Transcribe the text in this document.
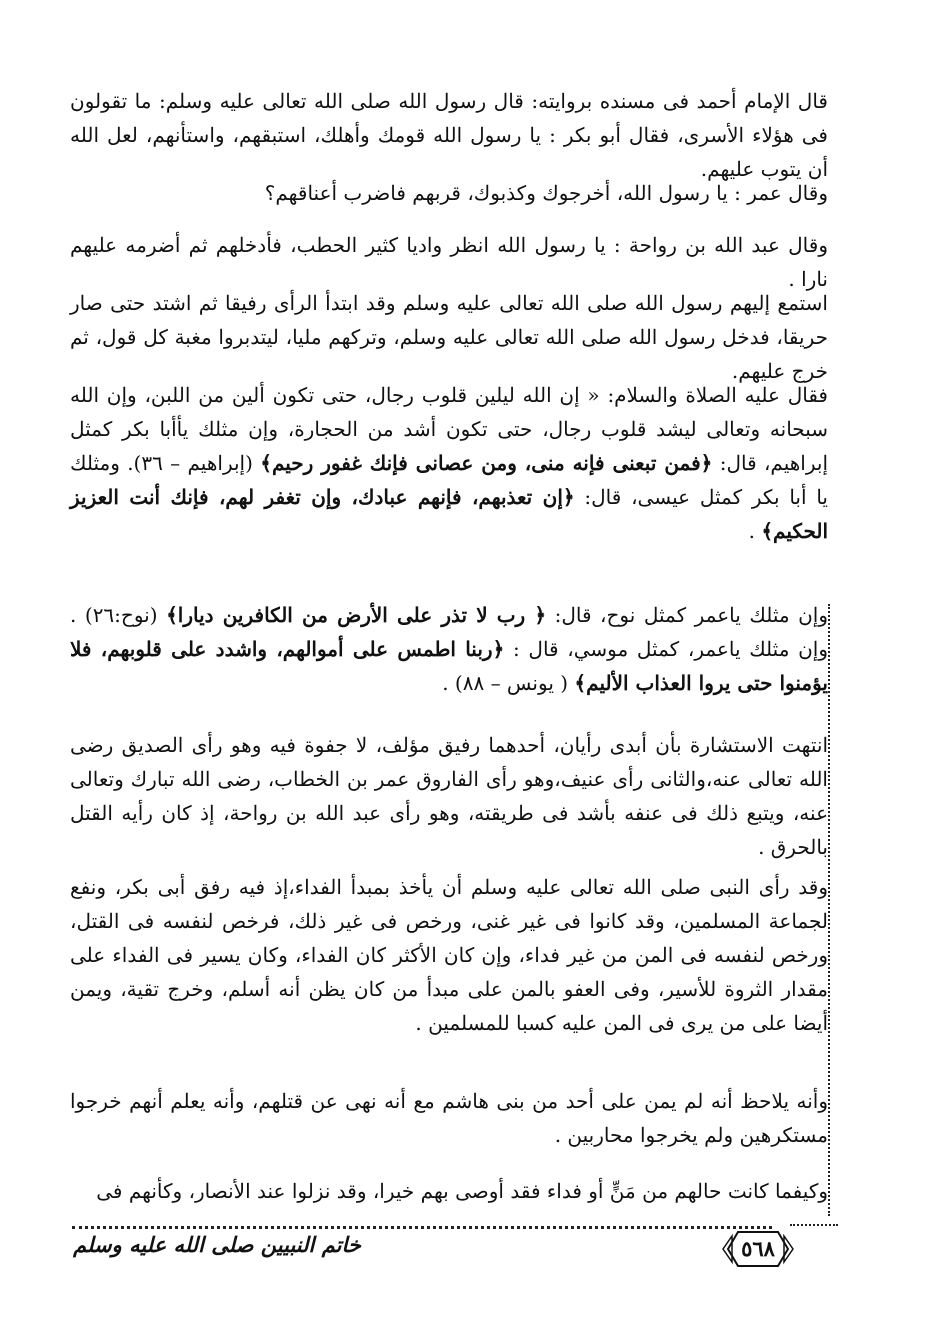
قال الإمام أحمد فى مسنده بروايته: قال رسول الله صلى الله تعالى عليه وسلم: ما تقولون فى هؤلاء الأسرى، فقال أبو بكر : يا رسول الله قومك وأهلك، استبقهم، واستأنهم، لعل الله أن يتوب عليهم.

وقال عمر : يا رسول الله، أخرجوك وكذبوك، قربهم فاضرب أعناقهم؟

وقال عبد الله بن رواحة : يا رسول الله انظر واديا كثير الحطب، فأدخلهم ثم أضرمه عليهم نارا .

استمع إليهم رسول الله صلى الله تعالى عليه وسلم وقد ابتدأ الرأى رفيقا ثم اشتد حتى صار حريقا، فدخل رسول الله صلى الله تعالى عليه وسلم، وتركهم مليا، ليتدبروا مغبة كل قول، ثم خرج عليهم.

فقال عليه الصلاة والسلام: « إن الله ليلين قلوب رجال، حتى تكون ألين من اللبن، وإن الله سبحانه وتعالى ليشد قلوب رجال، حتى تكون أشد من الحجارة، وإن مثلك يأأبا بكر كمثل إبراهيم، قال: ﴿فمن تبعنى فإنه منى، ومن عصانى فإنك غفور رحيم﴾ (إبراهيم – ٣٦). ومثلك يا أبا بكر كمثل عيسى، قال: ﴿إن تعذبهم، فإنهم عبادك، وإن تغفر لهم، فإنك أنت العزيز الحكيم﴾ .

وإن مثلك ياعمر كمثل نوح، قال: ﴿ رب لا تذر على الأرض من الكافرين ديارا﴾ (نوح:٢٦) . وإن مثلك ياعمر، كمثل موسي، قال : ﴿ربنا اطمس على أموالهم، واشدد على قلوبهم، فلا يؤمنوا حتى يروا العذاب الأليم﴾ ( يونس – ٨٨) .

انتهت الاستشارة بأن أبدى رأيان، أحدهما رفيق مؤلف، لا جفوة فيه وهو رأى الصديق رضى الله تعالى عنه،والثانى رأى عنيف،وهو رأى الفاروق عمر بن الخطاب، رضى الله تبارك وتعالى عنه، ويتبع ذلك فى عنفه بأشد فى طريقته، وهو رأى عبد الله بن رواحة، إذ كان رأيه القتل بالحرق .

وقد رأى النبى صلى الله تعالى عليه وسلم أن يأخذ بمبدأ الفداء،إذ فيه رفق أبى بكر، ونفع لجماعة المسلمين، وقد كانوا فى غير غنى، ورخص فى غير ذلك، فرخص لنفسه فى القتل، ورخص لنفسه فى المن من غير فداء، وإن كان الأكثر كان الفداء، وكان يسير فى الفداء على مقدار الثروة للأسير، وفى العفو بالمن على مبدأ من كان يظن أنه أسلم، وخرج تقية، ويمن أيضا على من يرى فى المن عليه كسبا للمسلمين .

وأنه يلاحظ أنه لم يمن على أحد من بنى هاشم مع أنه نهى عن قتلهم، وأنه يعلم أنهم خرجوا مستكرهين ولم يخرجوا محاربين .

وكيفما كانت حالهم من مَنٍّ أو فداء فقد أوصى بهم خيرا، وقد نزلوا عند الأنصار، وكأنهم فى

خاتم النبيين صلى الله عليه وسلم	٥٦٨
